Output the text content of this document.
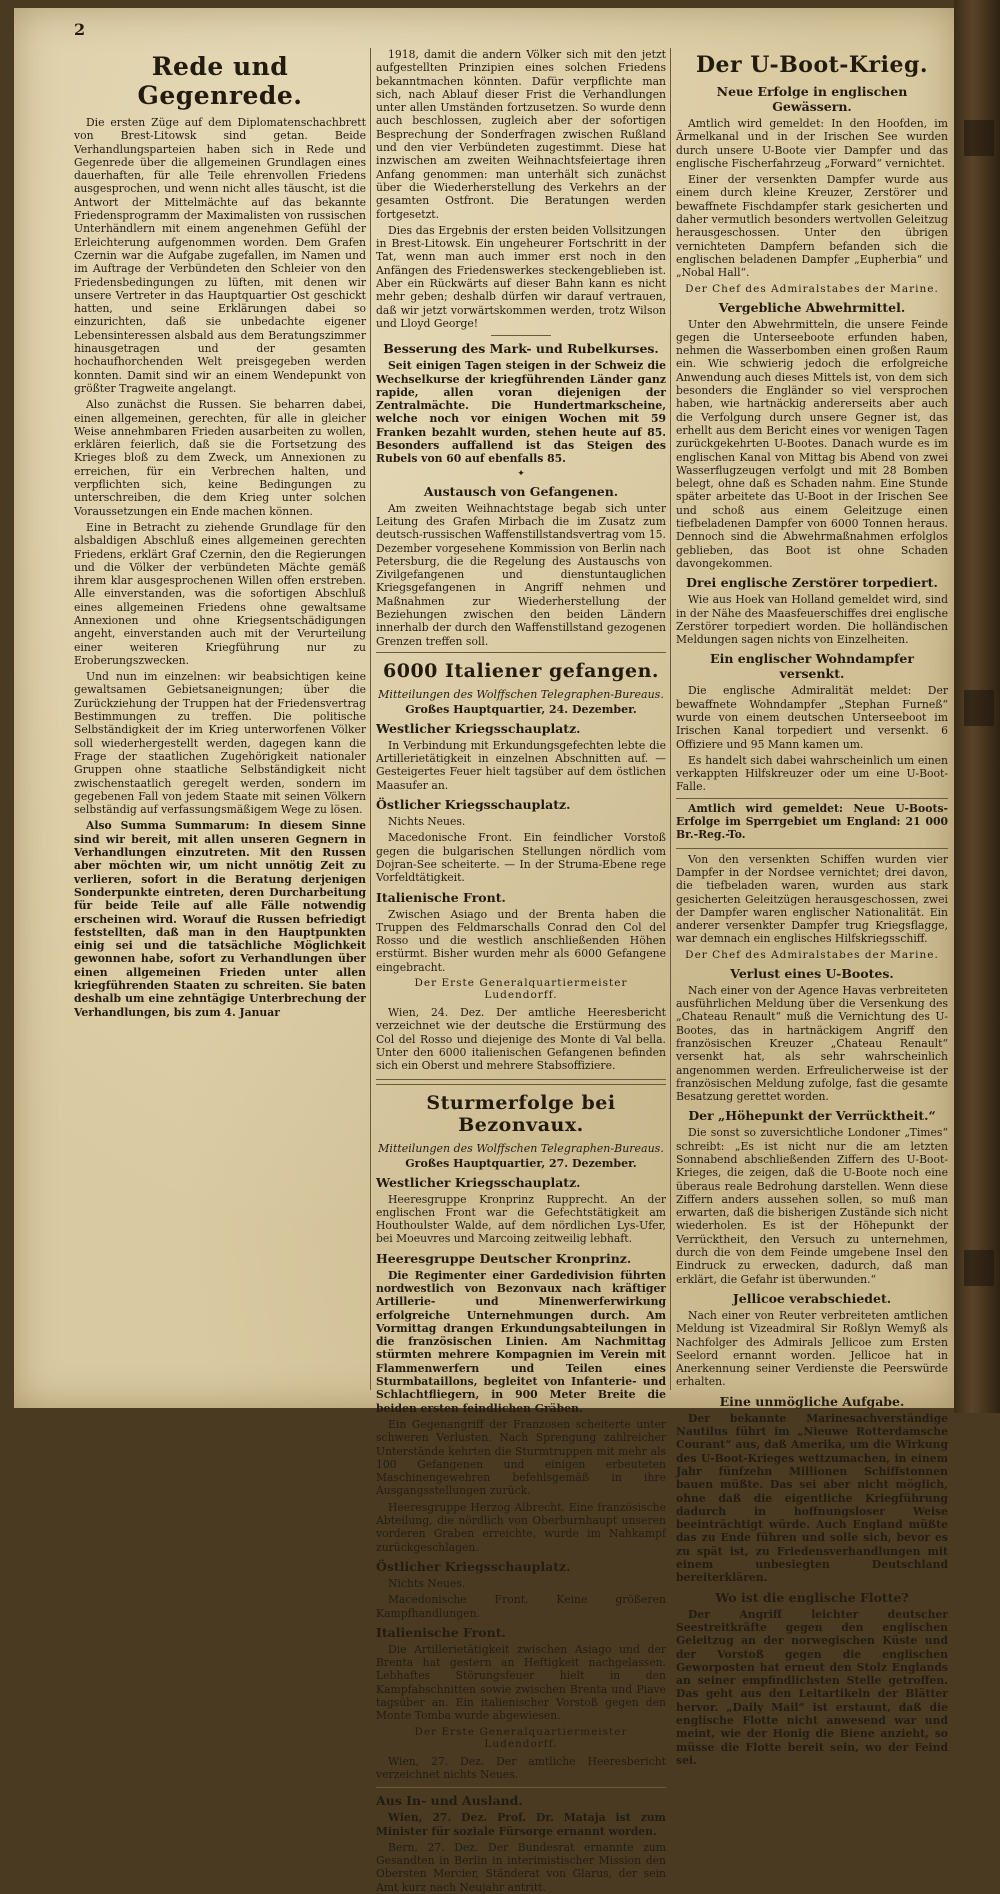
2
Rede und Gegenrede.

Die ersten Züge auf dem Diplomatenschachbrett von Brest-Litowsk sind getan. Beide Verhandlungsparteien haben sich in Rede und Gegenrede über die allgemeinen Grundlagen eines dauerhaften, für alle Teile ehrenvollen Friedens ausgesprochen, und wenn nicht alles täuscht, ist die Antwort der Mittelmächte auf das bekannte Friedensprogramm der Maximalisten von russischen Unterhändlern mit einem angenehmen Gefühl der Erleichterung aufgenommen worden. Dem Grafen Czernin war die Aufgabe zugefallen, im Namen und im Auftrage der Verbündeten den Schleier von den Friedensbedingungen zu lüften, mit denen wir unsere Vertreter in das Hauptquartier Ost geschickt hatten, und seine Erklärungen dabei so einzurichten, daß sie unbedachte eigener Lebensinteressen alsbald aus dem Beratungszimmer hinausgetragen und der gesamten hochaufhorchenden Welt preisgegeben werden konnten. Damit sind wir an einem Wendepunkt von größter Tragweite angelangt.

Also zunächst die Russen. Sie beharren dabei, einen allgemeinen, gerechten, für alle in gleicher Weise annehmbaren Frieden ausarbeiten zu wollen, erklären feierlich, daß sie die Fortsetzung des Krieges bloß zu dem Zweck, um Annexionen zu erreichen, für ein Verbrechen halten, und verpflichten sich, keine Bedingungen zu unterschreiben, die dem Krieg unter solchen Voraussetzungen ein Ende machen können.

Eine in Betracht zu ziehende Grundlage für den alsbaldigen Abschluß eines allgemeinen gerechten Friedens, erklärt Graf Czernin, den die Regierungen und die Völker der verbündeten Mächte gemäß ihrem klar ausgesprochenen Willen offen erstreben. Alle einverstanden, was die sofortigen Abschluß eines allgemeinen Friedens ohne gewaltsame Annexionen und ohne Kriegsentschädigungen angeht, einverstanden auch mit der Verurteilung einer weiteren Kriegführung nur zu Eroberungszwecken.

Und nun im einzelnen: wir beabsichtigen keine gewaltsamen Gebietsaneignungen; über die Zurückziehung der Truppen hat der Friedensvertrag Bestimmungen zu treffen. Die politische Selbständigkeit der im Krieg unterworfenen Völker soll wiederhergestellt werden, dagegen kann die Frage der staatlichen Zugehörigkeit nationaler Gruppen ohne staatliche Selbständigkeit nicht zwischenstaatlich geregelt werden, sondern im gegebenen Fall von jedem Staate mit seinen Völkern selbständig auf verfassungsmäßigem Wege zu lösen.

Also Summa Summarum: In diesem Sinne sind wir bereit, mit allen unseren Gegnern in Verhandlungen einzutreten. Mit den Russen aber möchten wir, um nicht unnötig Zeit zu verlieren, sofort in die Beratung derjenigen Sonderpunkte eintreten, deren Durcharbeitung für beide Teile auf alle Fälle notwendig erscheinen wird. Worauf die Russen befriedigt feststellten, daß man in den Hauptpunkten einig sei und die tatsächliche Möglichkeit gewonnen habe, sofort zu Verhandlungen über einen allgemeinen Frieden unter allen kriegführenden Staaten zu schreiten. Sie baten deshalb um eine zehntägige Unterbrechung der Verhandlungen, bis zum 4. Januar

1918, damit die andern Völker sich mit den jetzt aufgestellten Prinzipien eines solchen Friedens bekanntmachen könnten. Dafür verpflichte man sich, nach Ablauf dieser Frist die Verhandlungen unter allen Umständen fortzusetzen. So wurde denn auch beschlossen, zugleich aber der sofortigen Besprechung der Sonderfragen zwischen Rußland und den vier Verbündeten zugestimmt. Diese hat inzwischen am zweiten Weihnachtsfeiertage ihren Anfang genommen: man unterhält sich zunächst über die Wiederherstellung des Verkehrs an der gesamten Ostfront. Die Beratungen werden fortgesetzt.

Dies das Ergebnis der ersten beiden Vollsitzungen in Brest-Litowsk. Ein ungeheurer Fortschritt in der Tat, wenn man auch immer erst noch in den Anfängen des Friedenswerkes steckengeblieben ist. Aber ein Rückwärts auf dieser Bahn kann es nicht mehr geben; deshalb dürfen wir darauf vertrauen, daß wir jetzt vorwärtskommen werden, trotz Wilson und Lloyd George!

Besserung des Mark- und Rubelkurses.

Seit einigen Tagen steigen in der Schweiz die Wechselkurse der kriegführenden Länder ganz rapide, allen voran diejenigen der Zentralmächte. Die Hundertmarkscheine, welche noch vor einigen Wochen mit 59 Franken bezahlt wurden, stehen heute auf 85. Besonders auffallend ist das Steigen des Rubels von 60 auf ebenfalls 85.

✦
Austausch von Gefangenen.

Am zweiten Weihnachtstage begab sich unter Leitung des Grafen Mirbach die im Zusatz zum deutsch-russischen Waffenstillstandsvertrag vom 15. Dezember vorgesehene Kommission von Berlin nach Petersburg, die die Regelung des Austauschs von Zivilgefangenen und dienstuntauglichen Kriegsgefangenen in Angriff nehmen und Maßnahmen zur Wiederherstellung der Beziehungen zwischen den beiden Ländern innerhalb der durch den Waffenstillstand gezogenen Grenzen treffen soll.

6000 Italiener gefangen.
Mitteilungen des Wolffschen Telegraphen-Bureaus.
Großes Hauptquartier, 24. Dezember.
Westlicher Kriegsschauplatz.

In Verbindung mit Erkundungsgefechten lebte die Artillerietätigkeit in einzelnen Abschnitten auf. — Gesteigertes Feuer hielt tagsüber auf dem östlichen Maasufer an.

Östlicher Kriegsschauplatz.

Nichts Neues.

Macedonische Front. Ein feindlicher Vorstoß gegen die bulgarischen Stellungen nördlich vom Dojran-See scheiterte. — In der Struma-Ebene rege Vorfeldtätigkeit.

Italienische Front.

Zwischen Asiago und der Brenta haben die Truppen des Feldmarschalls Conrad den Col del Rosso und die westlich anschließenden Höhen erstürmt. Bisher wurden mehr als 6000 Gefangene eingebracht.

Der Erste Generalquartiermeister Ludendorff.

Wien, 24. Dez. Der amtliche Heeresbericht verzeichnet wie der deutsche die Erstürmung des Col del Rosso und diejenige des Monte di Val bella. Unter den 6000 italienischen Gefangenen befinden sich ein Oberst und mehrere Stabsoffiziere.

Sturmerfolge bei Bezonvaux.
Mitteilungen des Wolffschen Telegraphen-Bureaus.
Großes Hauptquartier, 27. Dezember.
Westlicher Kriegsschauplatz.

Heeresgruppe Kronprinz Rupprecht. An der englischen Front war die Gefechtstätigkeit am Houthoulster Walde, auf dem nördlichen Lys-Ufer, bei Moeuvres und Marcoing zeitweilig lebhaft.

Heeresgruppe Deutscher Kronprinz.

Die Regimenter einer Gardedivision führten nordwestlich von Bezonvaux nach kräftiger Artillerie- und Minenwerferwirkung erfolgreiche Unternehmungen durch. Am Vormittag drangen Erkundungsabteilungen in die französischen Linien. Am Nachmittag stürmten mehrere Kompagnien im Verein mit Flammenwerfern und Teilen eines Sturmbataillons, begleitet von Infanterie- und Schlachtfliegern, in 900 Meter Breite die beiden ersten feindlichen Gräben.

Ein Gegenangriff der Franzosen scheiterte unter schweren Verlusten. Nach Sprengung zahlreicher Unterstände kehrten die Sturmtruppen mit mehr als 100 Gefangenen und einigen erbeuteten Maschinengewehren befehlsgemäß in ihre Ausgangsstellungen zurück.

Heeresgruppe Herzog Albrecht. Eine französische Abteilung, die nördlich von Oberburnhaupt unseren vorderen Graben erreichte, wurde im Nahkampf zurückgeschlagen.

Östlicher Kriegsschauplatz.

Nichts Neues.

Macedonische Front. Keine größeren Kampfhandlungen.

Italienische Front.

Die Artillerietätigkeit zwischen Asiago und der Brenta hat gestern an Heftigkeit nachgelassen. Lebhaftes Störungsfeuer hielt in den Kampfabschnitten sowie zwischen Brenta und Piave tagsüber an. Ein italienischer Vorstoß gegen den Monte Tomba wurde abgewiesen.

Der Erste Generalquartiermeister Ludendorff.

Wien, 27. Dez. Der amtliche Heeresbericht verzeichnet nichts Neues.

Aus In- und Ausland.

Wien, 27. Dez. Prof. Dr. Mataja ist zum Minister für soziale Fürsorge ernannt worden.

Bern, 27. Dez. Der Bundesrat ernannte zum Gesandten in Berlin in interimistischer Mission den Obersten Mercier, Ständerat von Glarus, der sein Amt kurz nach Neujahr antritt.

Der U-Boot-Krieg.
Neue Erfolge in englischen Gewässern.

Amtlich wird gemeldet: In den Hoofden, im Ärmelkanal und in der Irischen See wurden durch unsere U-Boote vier Dampfer und das englische Fischerfahrzeug „Forward“ vernichtet.

Einer der versenkten Dampfer wurde aus einem durch kleine Kreuzer, Zerstörer und bewaffnete Fischdampfer stark gesicherten und daher vermutlich besonders wertvollen Geleitzug herausgeschossen. Unter den übrigen vernichteten Dampfern befanden sich die englischen beladenen Dampfer „Eupherbia“ und „Nobal Hall“.

Der Chef des Admiralstabes der Marine.
Vergebliche Abwehrmittel.

Unter den Abwehrmitteln, die unsere Feinde gegen die Unterseeboote erfunden haben, nehmen die Wasserbomben einen großen Raum ein. Wie schwierig jedoch die erfolgreiche Anwendung auch dieses Mittels ist, von dem sich besonders die Engländer so viel versprochen haben, wie hartnäckig andererseits aber auch die Verfolgung durch unsere Gegner ist, das erhellt aus dem Bericht eines vor wenigen Tagen zurückgekehrten U-Bootes. Danach wurde es im englischen Kanal von Mittag bis Abend von zwei Wasserflugzeugen verfolgt und mit 28 Bomben belegt, ohne daß es Schaden nahm. Eine Stunde später arbeitete das U-Boot in der Irischen See und schoß aus einem Geleitzuge einen tiefbeladenen Dampfer von 6000 Tonnen heraus. Dennoch sind die Abwehrmaßnahmen erfolglos geblieben, das Boot ist ohne Schaden davongekommen.

Drei englische Zerstörer torpediert.

Wie aus Hoek van Holland gemeldet wird, sind in der Nähe des Maasfeuerschiffes drei englische Zerstörer torpediert worden. Die holländischen Meldungen sagen nichts von Einzelheiten.

Ein englischer Wohndampfer versenkt.

Die englische Admiralität meldet: Der bewaffnete Wohndampfer „Stephan Furneß“ wurde von einem deutschen Unterseeboot im Irischen Kanal torpediert und versenkt. 6 Offiziere und 95 Mann kamen um.

Es handelt sich dabei wahrscheinlich um einen verkappten Hilfskreuzer oder um eine U-Boot-Falle.

Amtlich wird gemeldet: Neue U-Boots-Erfolge im Sperrgebiet um England: 21 000 Br.-Reg.-To.

Von den versenkten Schiffen wurden vier Dampfer in der Nordsee vernichtet; drei davon, die tiefbeladen waren, wurden aus stark gesicherten Geleitzügen herausgeschossen, zwei der Dampfer waren englischer Nationalität. Ein anderer versenkter Dampfer trug Kriegsflagge, war demnach ein englisches Hilfskriegsschiff.

Der Chef des Admiralstabes der Marine.
Verlust eines U-Bootes.

Nach einer von der Agence Havas verbreiteten ausführlichen Meldung über die Versenkung des „Chateau Renault“ muß die Vernichtung des U-Bootes, das in hartnäckigem Angriff den französischen Kreuzer „Chateau Renault“ versenkt hat, als sehr wahrscheinlich angenommen werden. Erfreulicherweise ist der französischen Meldung zufolge, fast die gesamte Besatzung gerettet worden.

Der „Höhepunkt der Verrücktheit.“

Die sonst so zuversichtliche Londoner „Times“ schreibt: „Es ist nicht nur die am letzten Sonnabend abschließenden Ziffern des U-Boot-Krieges, die zeigen, daß die U-Boote noch eine überaus reale Bedrohung darstellen. Wenn diese Ziffern anders aussehen sollen, so muß man erwarten, daß die bisherigen Zustände sich nicht wiederholen. Es ist der Höhepunkt der Verrücktheit, den Versuch zu unternehmen, durch die von dem Feinde umgebene Insel den Eindruck zu erwecken, dadurch, daß man erklärt, die Gefahr ist überwunden.“

Jellicoe verabschiedet.

Nach einer von Reuter verbreiteten amtlichen Meldung ist Vizeadmiral Sir Roßlyn Wemyß als Nachfolger des Admirals Jellicoe zum Ersten Seelord ernannt worden. Jellicoe hat in Anerkennung seiner Verdienste die Peerswürde erhalten.

Eine unmögliche Aufgabe.

Der bekannte Marinesachverständige Nautilus führt im „Nieuwe Rotterdamsche Courant“ aus, daß Amerika, um die Wirkung des U-Boot-Krieges wettzumachen, in einem Jahr fünfzehn Millionen Schiffstonnen bauen müßte. Das sei aber nicht möglich, ohne daß die eigentliche Kriegführung dadurch in hoffnungsloser Weise beeinträchtigt würde. Auch England müßte das zu Ende führen und solle sich, bevor es zu spät ist, zu Friedensverhandlungen mit einem unbesiegten Deutschland bereiterklären.

Wo ist die englische Flotte?

Der Angriff leichter deutscher Seestreitkräfte gegen den englischen Geleitzug an der norwegischen Küste und der Vorstoß gegen die englischen Geworposten hat erneut den Stolz Englands an seiner empfindlichsten Stelle getroffen. Das geht aus den Leitartikeln der Blätter hervor. „Daily Mail“ ist erstaunt, daß die englische Flotte nicht anwesend war und meint, wie der Honig die Biene anzieht, so müsse die Flotte bereit sein, wo der Feind sei.
